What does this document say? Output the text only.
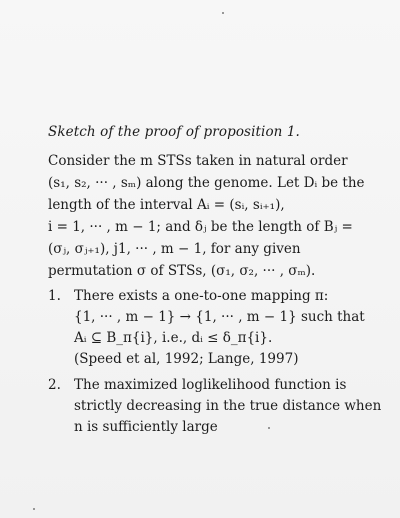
Sketch of the proof of proposition 1.
Consider the m STSs taken in natural order
(s₁, s₂, ··· , sₘ) along the genome. Let Dᵢ be the
length of the interval Aᵢ = (sᵢ, sᵢ₊₁),
i = 1, ··· , m − 1; and δⱼ be the length of Bⱼ =
(σⱼ, σⱼ₊₁), j1, ··· , m − 1, for any given
permutation σ of STSs, (σ₁, σ₂, ··· , σₘ).
1. There exists a one-to-one mapping π:
{1, ··· , m − 1} → {1, ··· , m − 1} such that
Aᵢ ⊆ B_π{i}, i.e., dᵢ ≤ δ_π{i}.
(Speed et al, 1992; Lange, 1997)
2. The maximized loglikelihood function is
strictly decreasing in the true distance when
n is sufficiently large
